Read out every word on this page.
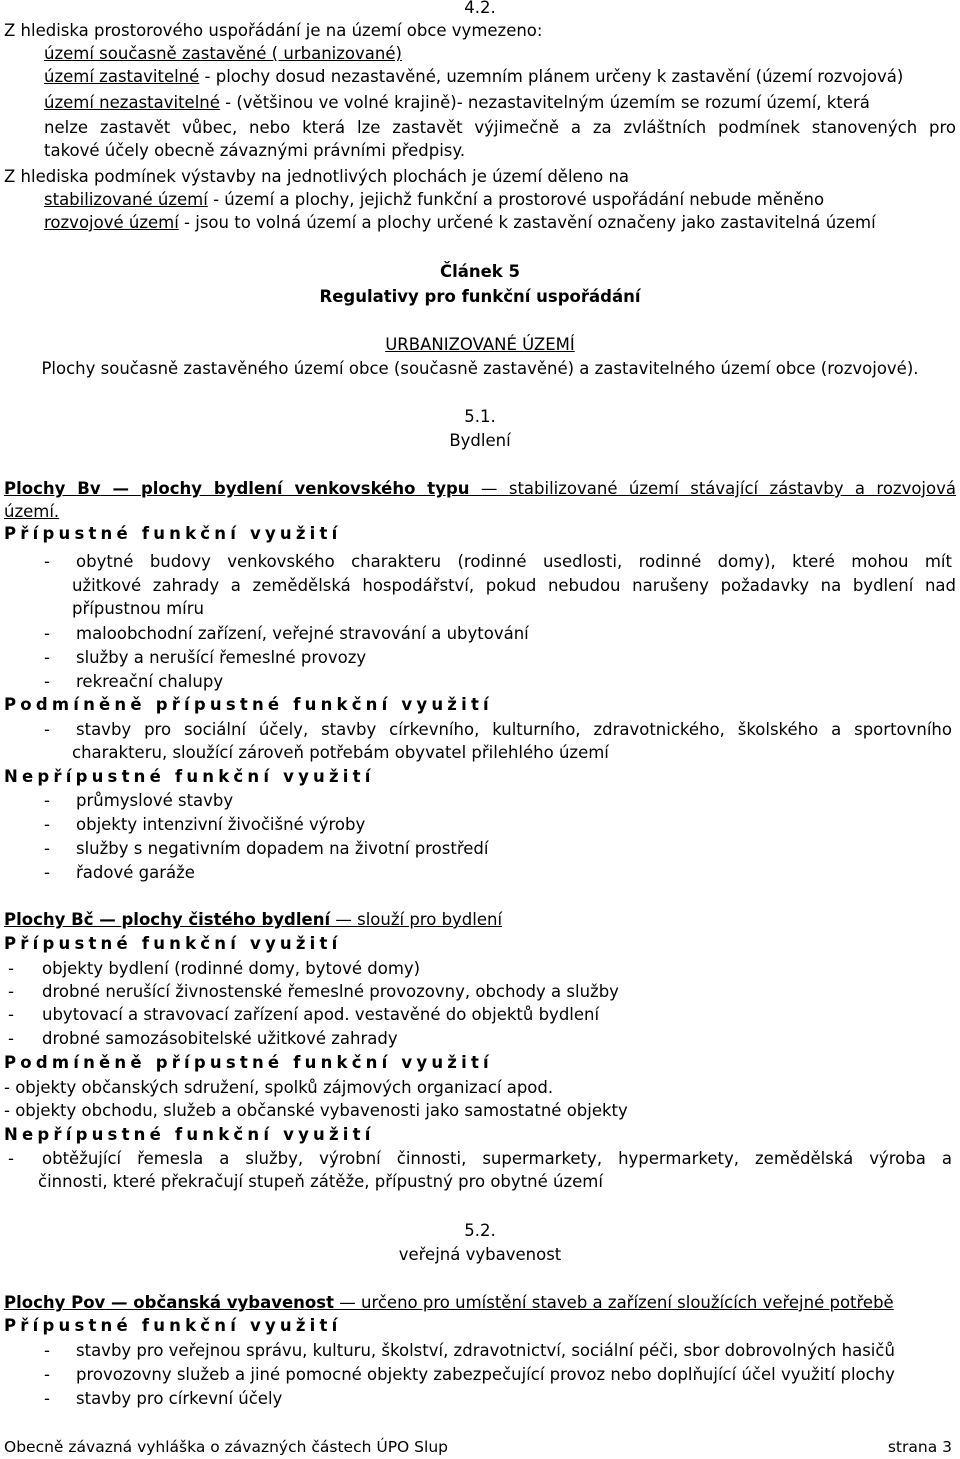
4.2.
Z hlediska prostorového uspořádání je na území obce vymezeno:
území současně zastavěné ( urbanizované)
území zastavitelné - plochy dosud nezastavěné, uzemním plánem určeny k zastavění (území rozvojová)
území nezastavitelné - (většinou ve volné krajině)- nezastavitelným územím se rozumí území, která
nelze zastavět vůbec, nebo která lze zastavět výjimečně a za zvláštních podmínek stanovených pro
takové účely obecně závaznými právními předpisy.
Z hlediska podmínek výstavby na jednotlivých plochách je území děleno na
stabilizované území - území a plochy, jejichž funkční a prostorové uspořádání nebude měněno
rozvojové území - jsou to volná území a plochy určené k zastavění označeny jako zastavitelná území
Článek 5
Regulativy pro funkční uspořádání
URBANIZOVANÉ ÚZEMÍ
Plochy současně zastavěného území obce (současně zastavěné) a zastavitelného území obce (rozvojové).
5.1.
Bydlení
Plochy Bv — plochy bydlení venkovského typu — stabilizované území stávající zástavby a rozvojová
území.
Přípustné funkční využití
- obytné budovy venkovského charakteru (rodinné usedlosti, rodinné domy), které mohou mít
užitkové zahrady a zemědělská hospodářství, pokud nebudou narušeny požadavky na bydlení nad
přípustnou míru
- maloobchodní zařízení, veřejné stravování a ubytování
- služby a nerušící řemeslné provozy
- rekreační chalupy
Podmíněně přípustné funkční využití
- stavby pro sociální účely, stavby církevního, kulturního, zdravotnického, školského a sportovního
charakteru, sloužící zároveň potřebám obyvatel přilehlého území
Nepřípustné funkční využití
- průmyslové stavby
- objekty intenzivní živočišné výroby
- služby s negativním dopadem na životní prostředí
- řadové garáže
Plochy Bč — plochy čistého bydlení — slouží pro bydlení
Přípustné funkční využití
- objekty bydlení (rodinné domy, bytové domy)
- drobné nerušící živnostenské řemeslné provozovny, obchody a služby
- ubytovací a stravovací zařízení apod. vestavěné do objektů bydlení
- drobné samozásobitelské užitkové zahrady
Podmíněně přípustné funkční využití
- objekty občanských sdružení, spolků zájmových organizací apod.
- objekty obchodu, služeb a občanské vybavenosti jako samostatné objekty
Nepřípustné funkční využití
- obtěžující řemesla a služby, výrobní činnosti, supermarkety, hypermarkety, zemědělská výroba a
činnosti, které překračují stupeň zátěže, přípustný pro obytné území
5.2.
veřejná vybavenost
Plochy Pov — občanská vybavenost — určeno pro umístění staveb a zařízení sloužících veřejné potřebě
Přípustné funkční využití
- stavby pro veřejnou správu, kulturu, školství, zdravotnictví, sociální péči, sbor dobrovolných hasičů
- provozovny služeb a jiné pomocné objekty zabezpečující provoz nebo doplňující účel využití plochy
- stavby pro církevní účely
Obecně závazná vyhláška o závazných částech ÚPO Slup	strana 3
